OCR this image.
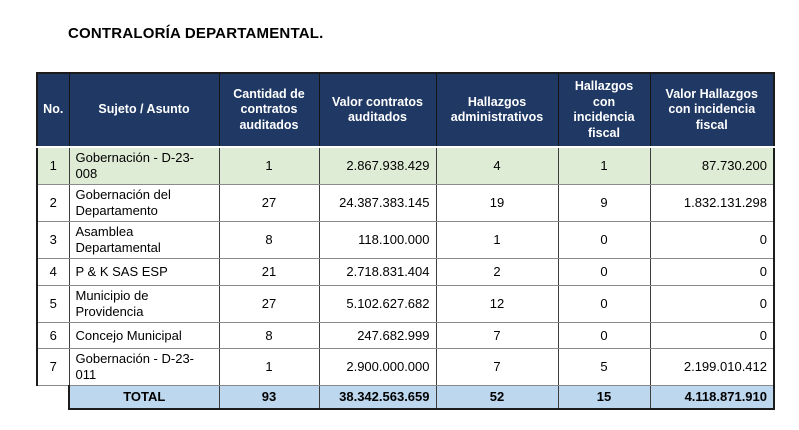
CONTRALORÍA DEPARTAMENTAL.
No.	Sujeto / Asunto	Cantidad de contratos auditados	Valor contratos auditados	Hallazgos administrativos	Hallazgos con incidencia fiscal	Valor Hallazgos con incidencia fiscal
1	Gobernación - D-23-008	1	2.867.938.429	4	1	87.730.200
2	Gobernación del Departamento	27	24.387.383.145	19	9	1.832.131.298
3	Asamblea Departamental	8	118.100.000	1	0	0
4	P & K SAS ESP	21	2.718.831.404	2	0	0
5	Municipio de Providencia	27	5.102.627.682	12	0	0
6	Concejo Municipal	8	247.682.999	7	0	0
7	Gobernación - D-23-011	1	2.900.000.000	7	5	2.199.010.412
	TOTAL	93	38.342.563.659	52	15	4.118.871.910
